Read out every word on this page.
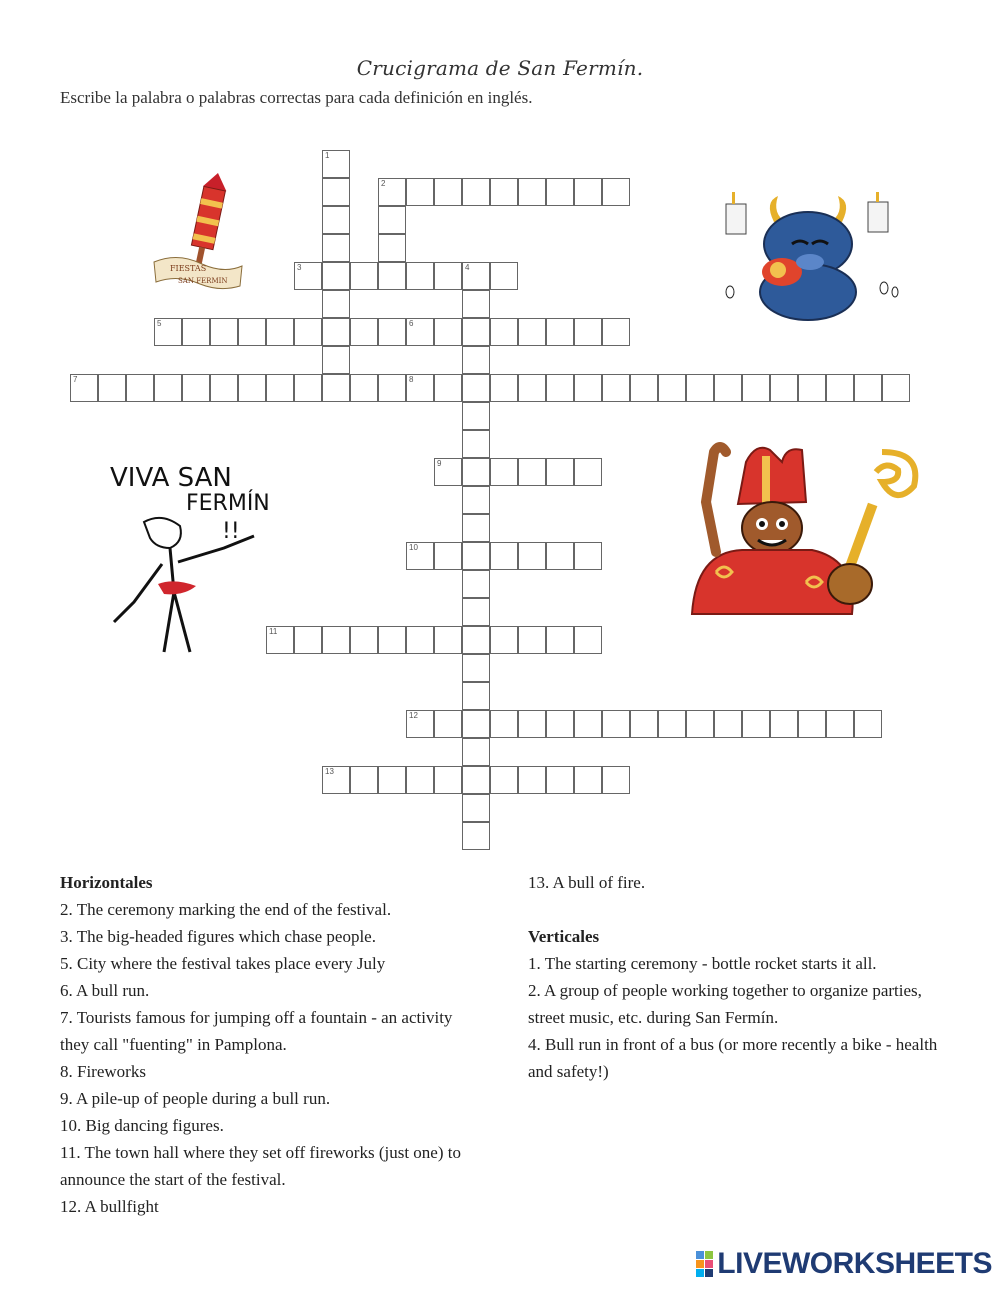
Crucigrama de San Fermín.
Escribe la palabra o palabras correctas para cada definición en inglés.
1
2
3	4
5	6
7	8
9
10
11
12
13
FIESTAS
SAN FERMIN
VIVA SAN
FERMÍN
!!

Horizontales

2. The ceremony marking the end of the festival.

3. The big-headed figures which chase people.

5. City where the festival takes place every July

6. A bull run.

7. Tourists famous for jumping off a fountain - an activity they call "fuenting" in Pamplona.

8. Fireworks

9. A pile-up of people during a bull run.

10. Big dancing figures.

11. The town hall where they set off fireworks (just one) to announce the start of the festival.

12. A bullfight

13. A bull of fire.

Verticales

1. The starting ceremony - bottle rocket starts it all.

2. A group of people working together to organize parties, street music, etc. during San Fermín.

4. Bull run in front of a bus (or more recently a bike - health and safety!)

LIVEWORKSHEETS
